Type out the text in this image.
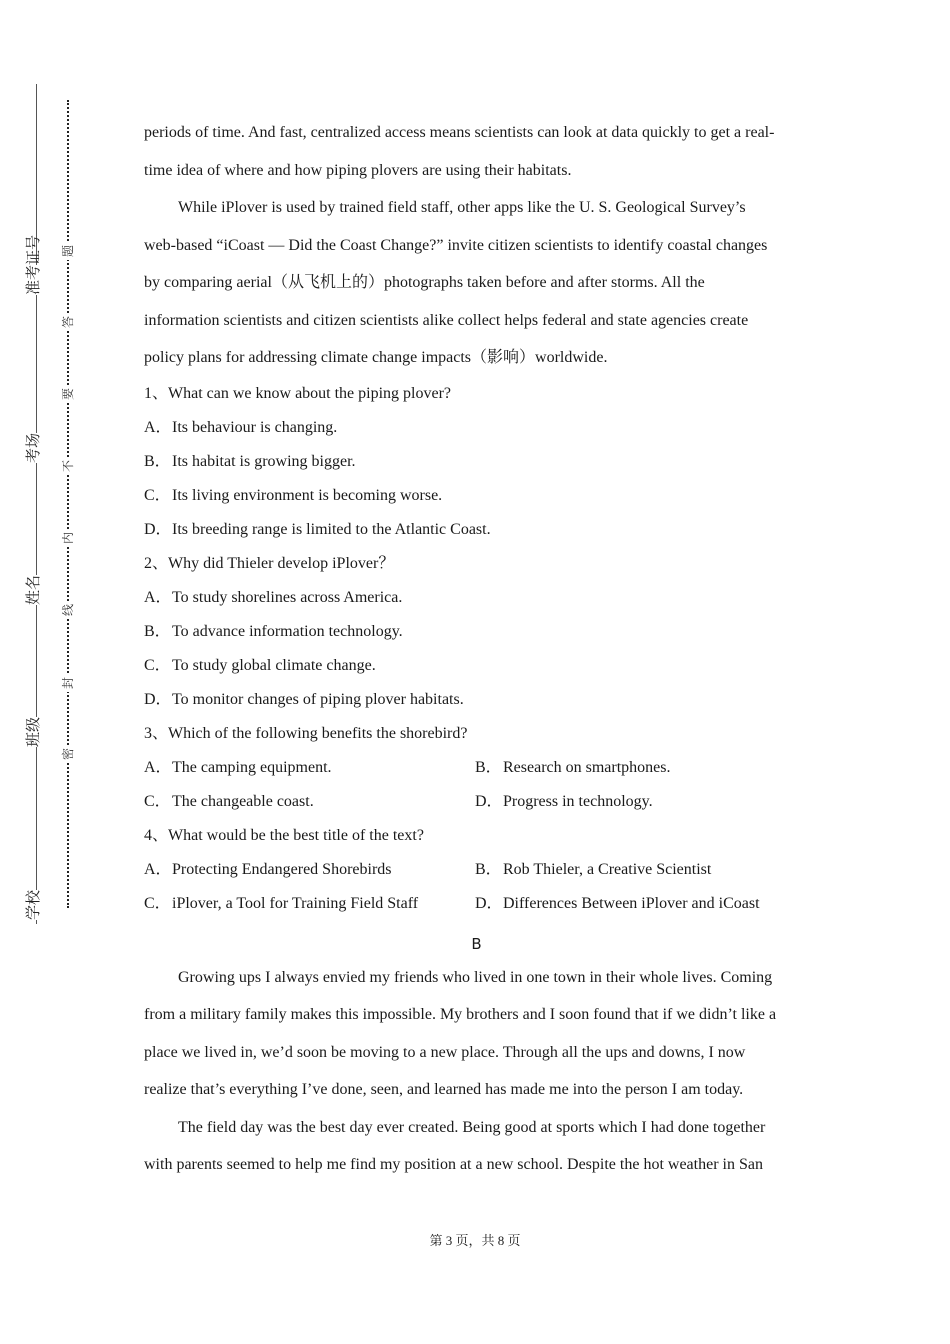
准考证号
考场
姓名
班级
学校
题
答
要
不
内
线
封
密
periods of time. And fast, centralized access means scientists can look at data quickly to get a real-
time idea of where and how piping plovers are using their habitats.
While iPlover is used by trained field staff, other apps like the U. S. Geological Survey’s
web-based “iCoast — Did the Coast Change?” invite citizen scientists to identify coastal changes
by comparing aerial（从飞机上的）photographs taken before and after storms. All the
information scientists and citizen scientists alike collect helps federal and state agencies create
policy plans for addressing climate change impacts（影响）worldwide.
1、What can we know about the piping plover?
A．Its behaviour is changing.
B．Its habitat is growing bigger.
C．Its living environment is becoming worse.
D．Its breeding range is limited to the Atlantic Coast.
2、Why did Thieler develop iPlover？
A．To study shorelines across America.
B．To advance information technology.
C．To study global climate change.
D．To monitor changes of piping plover habitats.
3、Which of the following benefits the shorebird?
A．The camping equipment.	B．Research on smartphones.
C．The changeable coast.	D．Progress in technology.
4、What would be the best title of the text?
A．Protecting Endangered Shorebirds	B．Rob Thieler, a Creative Scientist
C．iPlover, a Tool for Training Field Staff	D．Differences Between iPlover and iCoast
B
Growing ups I always envied my friends who lived in one town in their whole lives. Coming
from a military family makes this impossible. My brothers and I soon found that if we didn’t like a
place we lived in, we’d soon be moving to a new place. Through all the ups and downs, I now
realize that’s everything I’ve done, seen, and learned has made me into the person I am today.
The field day was the best day ever created. Being good at sports which I had done together
with parents seemed to help me find my position at a new school. Despite the hot weather in San
第 3 页，共 8 页
